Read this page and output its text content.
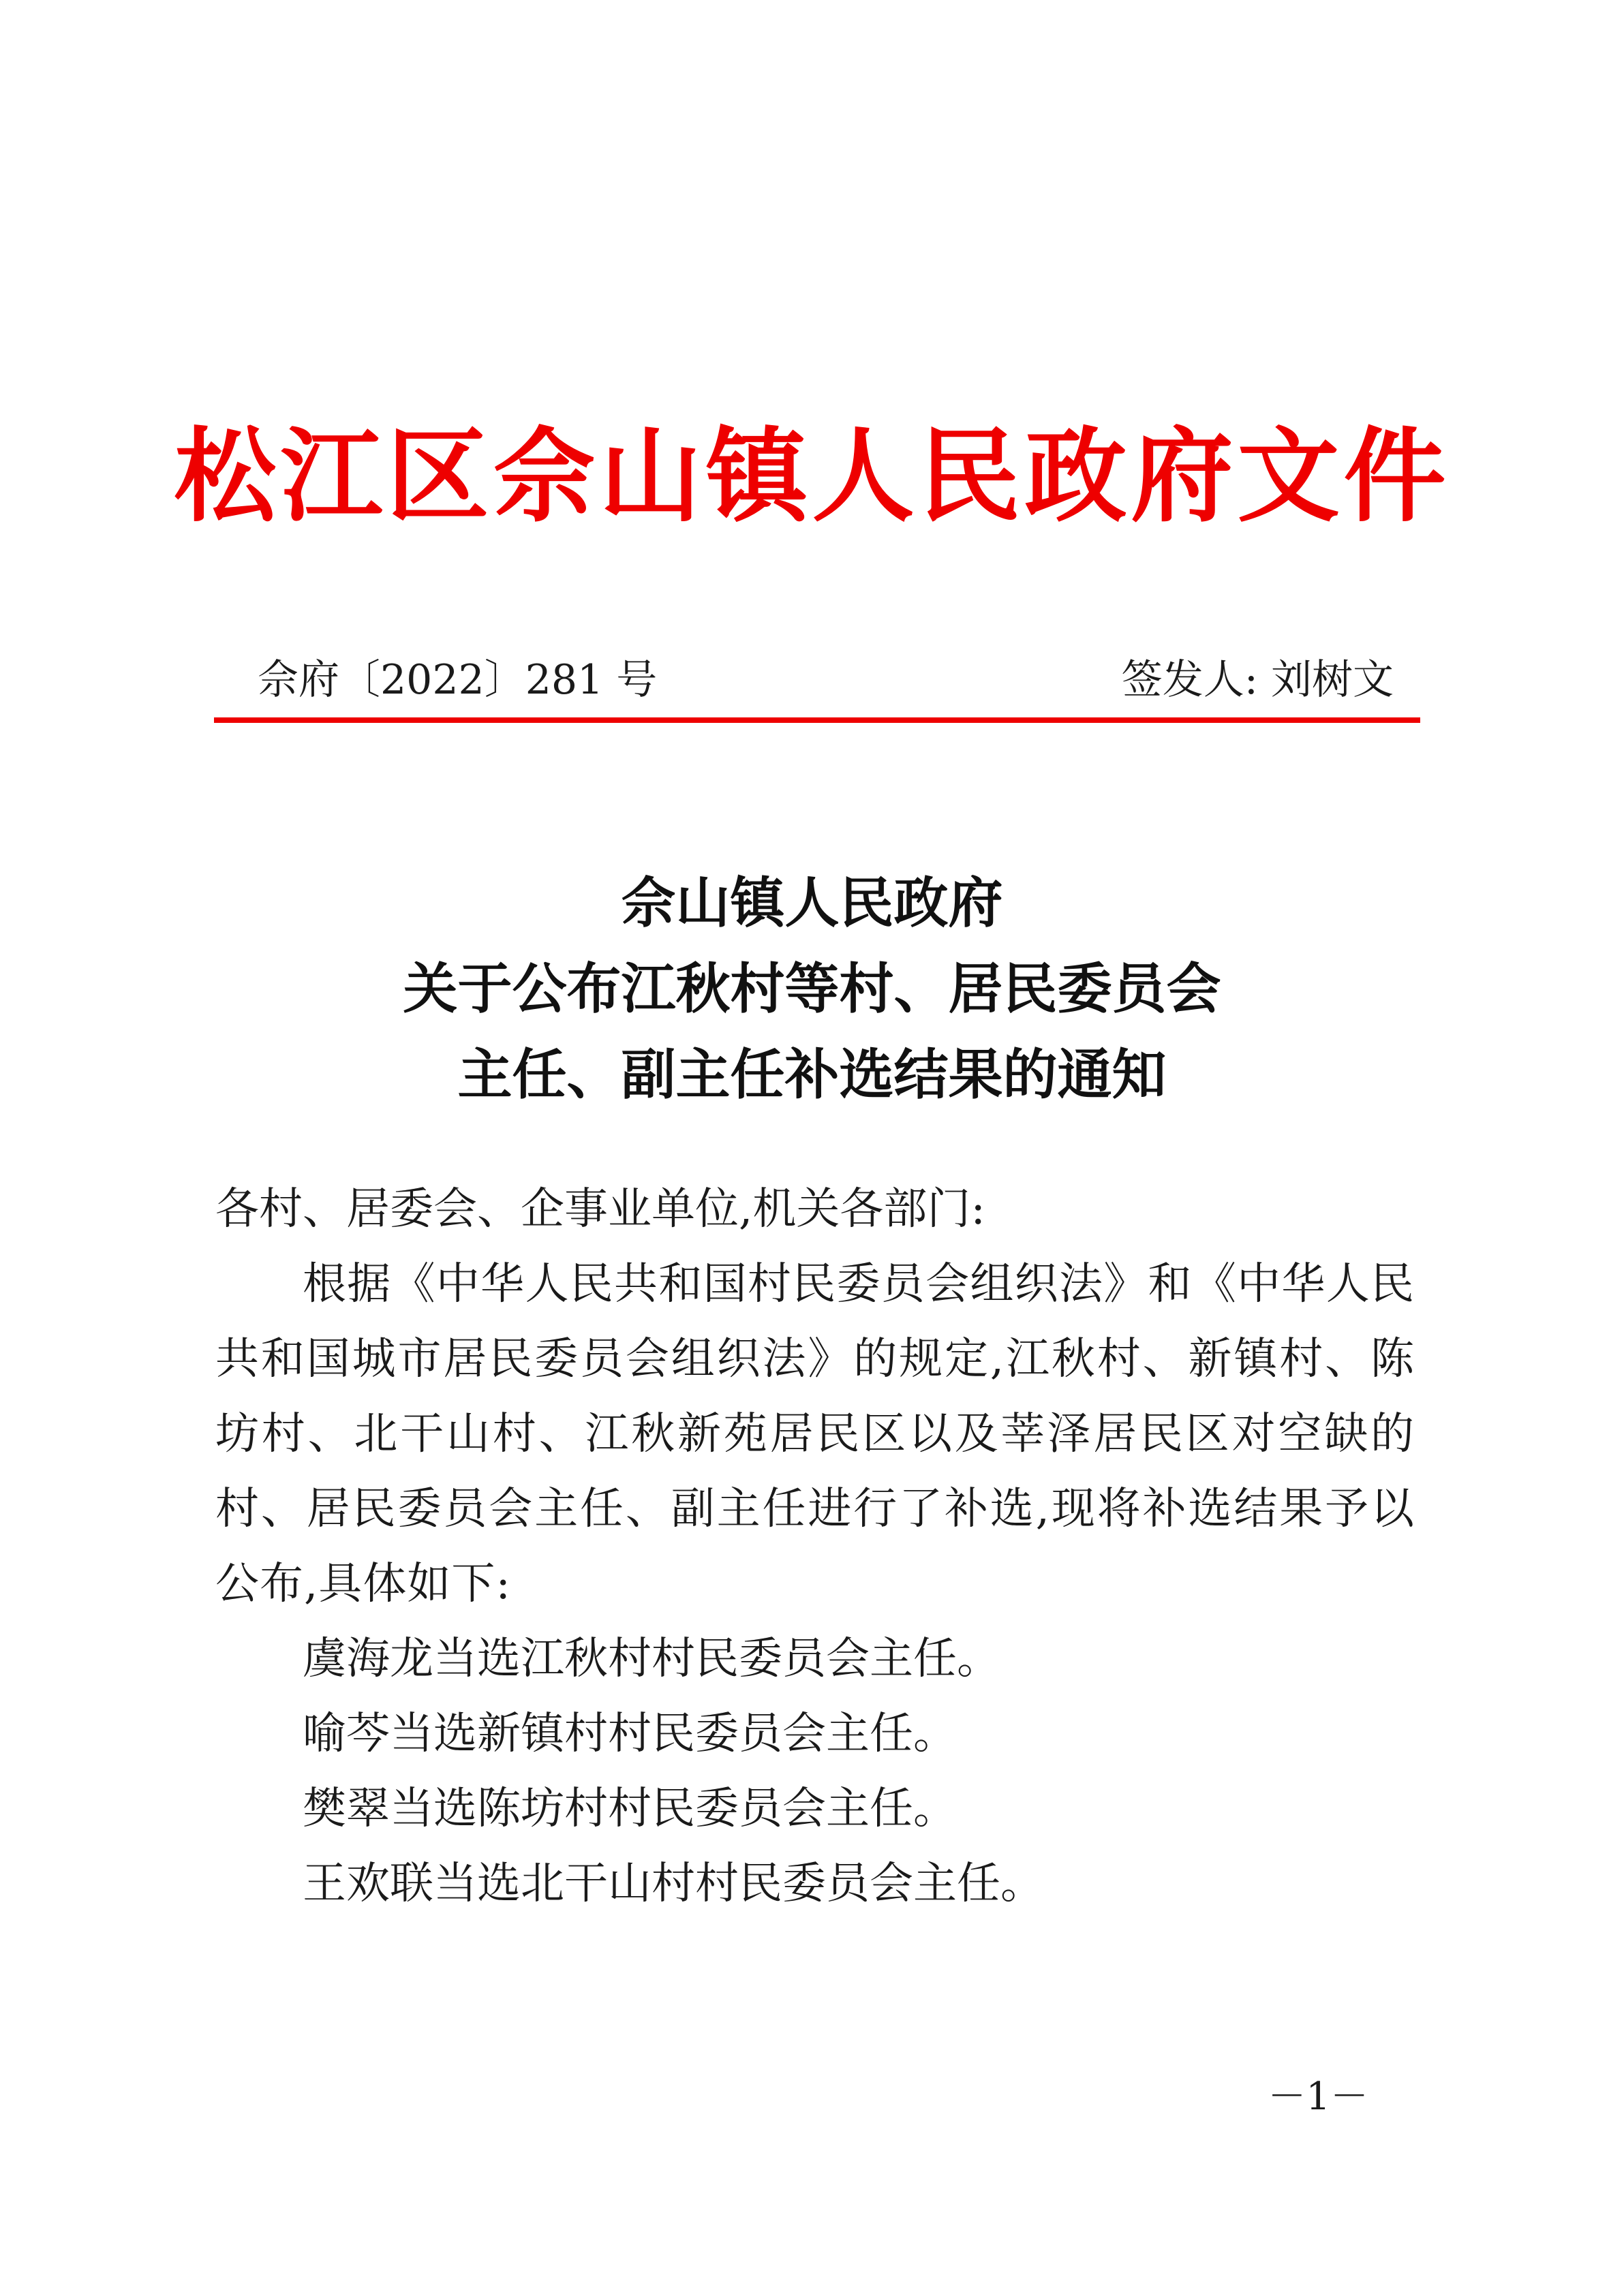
松江区佘山镇人民政府文件
佘府〔2022〕281 号	签发人: 刘树文
佘山镇人民政府
关于公布江秋村等村、居民委员会
主任、副主任补选结果的通知

各村、居委会、企事业单位,机关各部门:

根据《中华人民共和国村民委员会组织法》和《中华人民共和国城市居民委员会组织法》的规定,江秋村、新镇村、陈坊村、北干山村、江秋新苑居民区以及莘泽居民区对空缺的村、居民委员会主任、副主任进行了补选,现将补选结果予以公布,具体如下:

虞海龙当选江秋村村民委员会主任。

喻芩当选新镇村村民委员会主任。

樊翠当选陈坊村村民委员会主任。

王欢联当选北干山村村民委员会主任。

－1－
